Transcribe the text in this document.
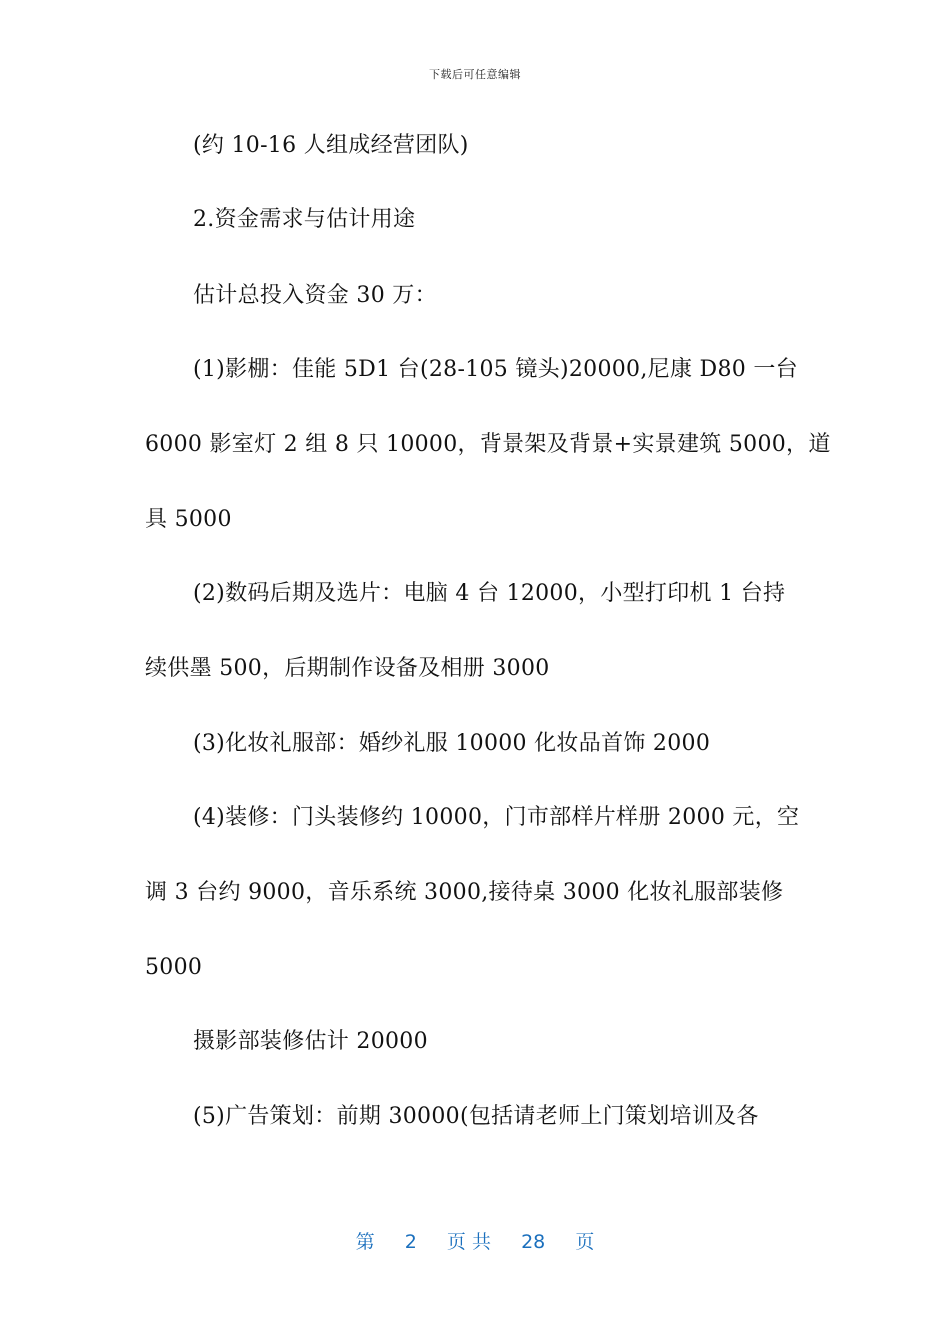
下载后可任意编辑
(约 10-16 人组成经营团队)
2.资金需求与估计用途
估计总投入资金 30 万：
(1)影棚：佳能 5D1 台(28-105 镜头)20000,尼康 D80 一台
6000 影室灯 2 组 8 只 10000，背景架及背景+实景建筑 5000，道
具 5000
(2)数码后期及选片：电脑 4 台 12000，小型打印机 1 台持
续供墨 500，后期制作设备及相册 3000
(3)化妆礼服部：婚纱礼服 10000 化妆品首饰 2000
(4)装修：门头装修约 10000，门市部样片样册 2000 元，空
调 3 台约 9000，音乐系统 3000,接待桌 3000 化妆礼服部装修
5000
摄影部装修估计 20000
(5)广告策划：前期 30000(包括请老师上门策划培训及各
第 2 页 共 28 页
